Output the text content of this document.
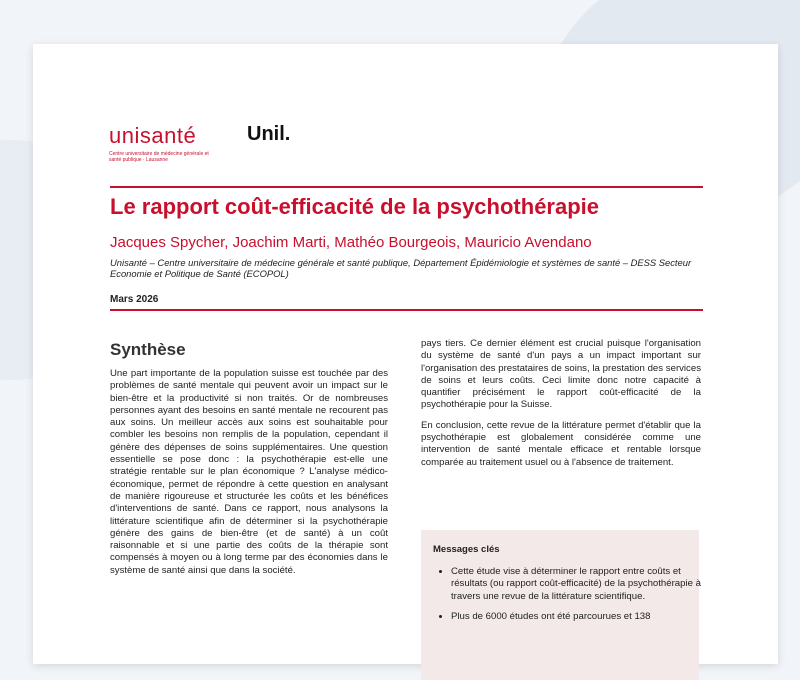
unisanté
Centre universitaire de médecine générale et santé publique · Lausanne
Unil.
Le rapport coût-efficacité de la psychothérapie
Jacques Spycher, Joachim Marti, Mathéo Bourgeois, Mauricio Avendano
Unisanté – Centre universitaire de médecine générale et santé publique, Département Épidémiologie et systèmes de santé – DESS Secteur Economie et Politique de Santé (ECOPOL)
Mars 2026
Synthèse

Une part importante de la population suisse est touchée par des problèmes de santé mentale qui peuvent avoir un impact sur le bien-être et la productivité si non traités. Or de nombreuses personnes ayant des besoins en santé mentale ne recourent pas aux soins. Un meilleur accès aux soins est souhaitable pour combler les besoins non remplis de la population, cependant il génère des dépenses de soins supplémentaires. Une question essentielle se pose donc : la psychothérapie est-elle une stratégie rentable sur le plan économique ? L'analyse médico-économique, permet de répondre à cette question en analysant de manière rigoureuse et structurée les coûts et les bénéfices d'interventions de santé. Dans ce rapport, nous analysons la littérature scientifique afin de déterminer si la psychothérapie génère des gains de bien-être (et de santé) à un coût raisonnable et si une partie des coûts de la thérapie sont compensés à moyen ou à long terme par des économies dans le système de santé ainsi que dans la société.

pays tiers. Ce dernier élément est crucial puisque l'organisation du système de santé d'un pays a un impact important sur l'organisation des prestataires de soins, la prestation des services de soins et leurs coûts. Ceci limite donc notre capacité à quantifier précisément le rapport coût-efficacité de la psychothérapie pour la Suisse.

En conclusion, cette revue de la littérature permet d'établir que la psychothérapie est globalement considérée comme une intervention de santé mentale efficace et rentable lorsque comparée au traitement usuel ou à l'absence de traitement.

Messages clés
• Cette étude vise à déterminer le rapport entre coûts et résultats (ou rapport coût-efficacité) de la psychothérapie à travers une revue de la littérature scientifique.
• Plus de 6000 études ont été parcourues et 138
